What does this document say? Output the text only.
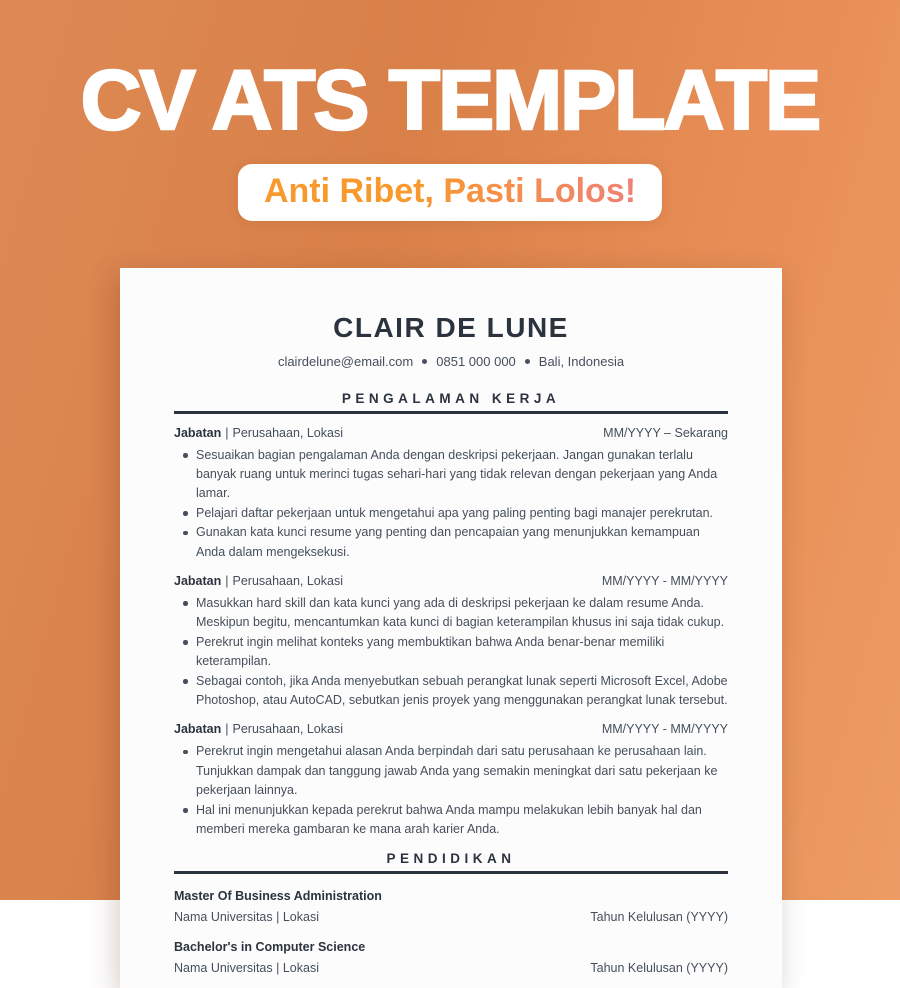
CV ATS TEMPLATE
Anti Ribet, Pasti Lolos!
CLAIR DE LUNE
clairdelune@email.com 0851 000 000 Bali, Indonesia
PENGALAMAN KERJA
Jabatan | Perusahaan, Lokasi	MM/YYYY – Sekarang
Sesuaikan bagian pengalaman Anda dengan deskripsi pekerjaan. Jangan gunakan terlalu banyak ruang untuk merinci tugas sehari-hari yang tidak relevan dengan pekerjaan yang Anda lamar.
Pelajari daftar pekerjaan untuk mengetahui apa yang paling penting bagi manajer perekrutan.
Gunakan kata kunci resume yang penting dan pencapaian yang menunjukkan kemampuan Anda dalam mengeksekusi.
Jabatan | Perusahaan, Lokasi	MM/YYYY - MM/YYYY
Masukkan hard skill dan kata kunci yang ada di deskripsi pekerjaan ke dalam resume Anda. Meskipun begitu, mencantumkan kata kunci di bagian keterampilan khusus ini saja tidak cukup.
Perekrut ingin melihat konteks yang membuktikan bahwa Anda benar-benar memiliki keterampilan.
Sebagai contoh, jika Anda menyebutkan sebuah perangkat lunak seperti Microsoft Excel, Adobe Photoshop, atau AutoCAD, sebutkan jenis proyek yang menggunakan perangkat lunak tersebut.
Jabatan | Perusahaan, Lokasi	MM/YYYY - MM/YYYY
Perekrut ingin mengetahui alasan Anda berpindah dari satu perusahaan ke perusahaan lain. Tunjukkan dampak dan tanggung jawab Anda yang semakin meningkat dari satu pekerjaan ke pekerjaan lainnya.
Hal ini menunjukkan kepada perekrut bahwa Anda mampu melakukan lebih banyak hal dan memberi mereka gambaran ke mana arah karier Anda.
PENDIDIKAN
Master Of Business Administration
Nama Universitas | Lokasi	Tahun Kelulusan (YYYY)
Bachelor's in Computer Science
Nama Universitas | Lokasi	Tahun Kelulusan (YYYY)
